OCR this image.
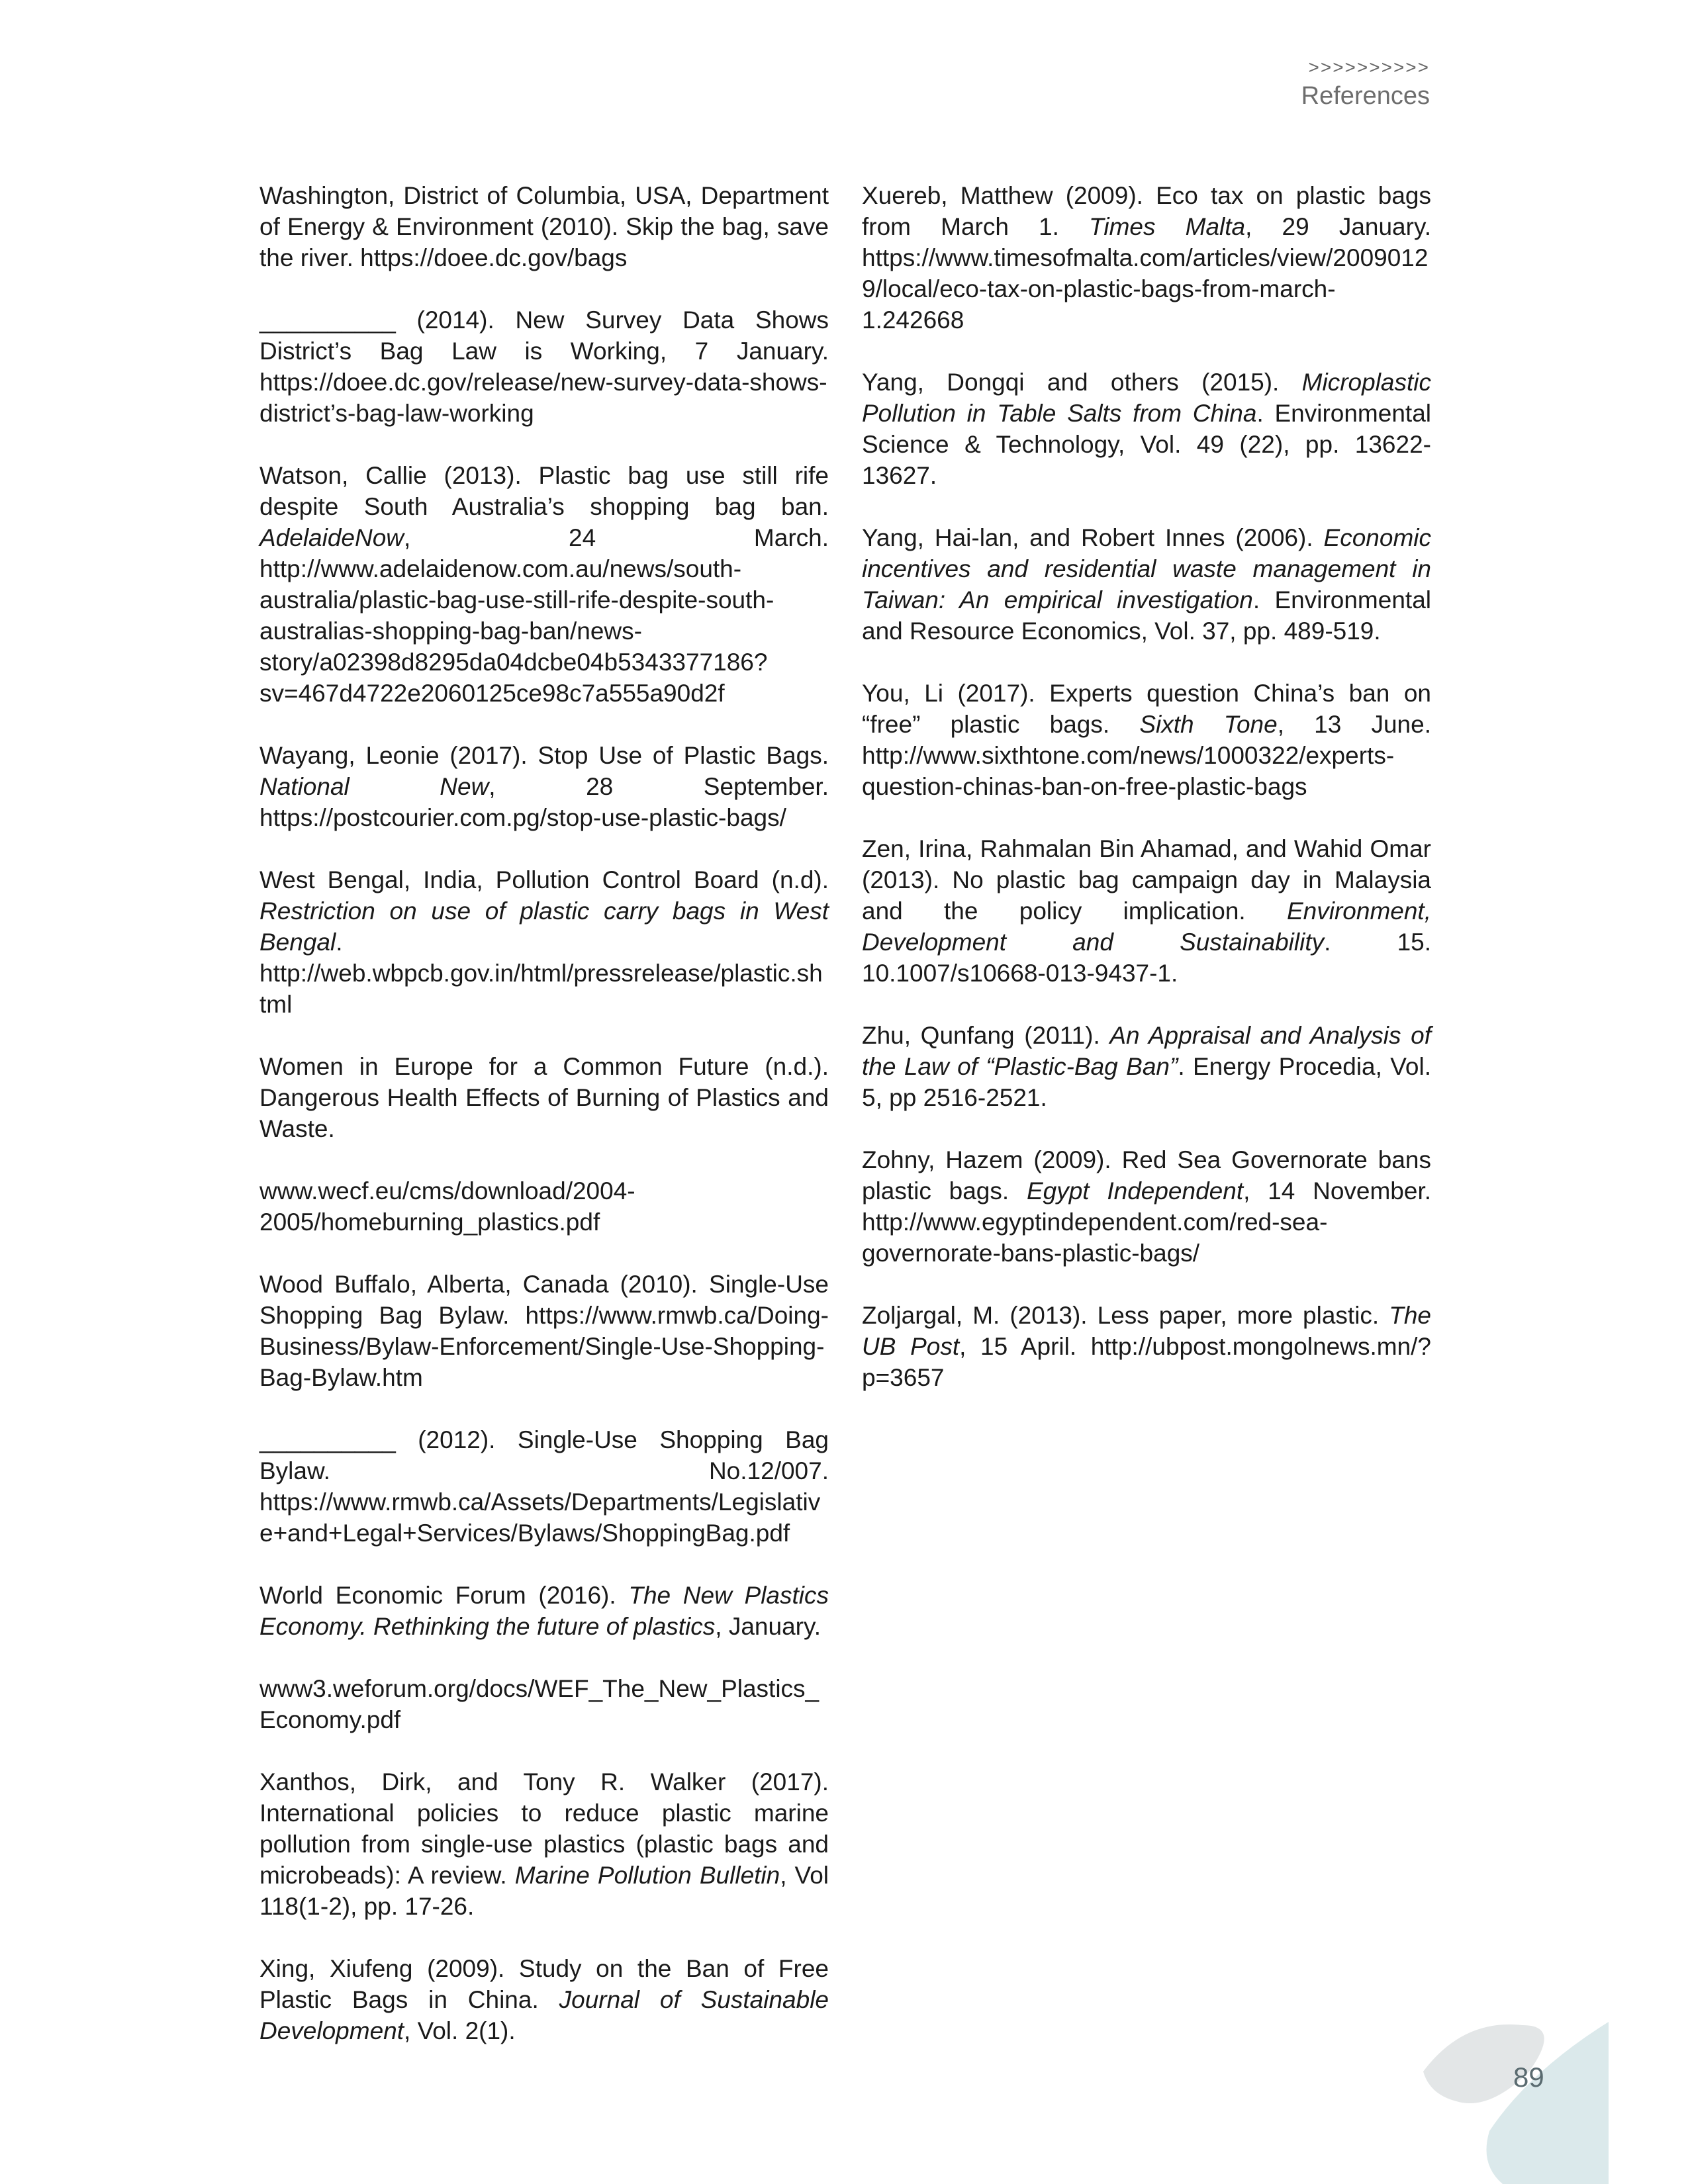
>>>>>>>>>>
References

Washington, District of Columbia, USA, Department of Energy & Environment (2010). Skip the bag, save the river. https://doee.dc.gov/bags

__________ (2014). New Survey Data Shows District’s Bag Law is Working, 7 January. https://doee.dc.gov/release/new-survey-data-shows-district’s-bag-law-working

Watson, Callie (2013). Plastic bag use still rife despite South Australia’s shopping bag ban. AdelaideNow, 24 March. http://www.adelaidenow.com.au/news/south-australia/plastic-bag-use-still-rife-despite-south-australias-shopping-bag-ban/news-story/a02398d8295da04dcbe04b5343377186?sv=467d4722e2060125ce98c7a555a90d2f

Wayang, Leonie (2017). Stop Use of Plastic Bags. National New, 28 September. https://postcourier.com.pg/stop-use-plastic-bags/

West Bengal, India, Pollution Control Board (n.d). Restriction on use of plastic carry bags in West Bengal. http://web.wbpcb.gov.in/html/pressrelease/plastic.shtml

Women in Europe for a Common Future (n.d.). Dangerous Health Effects of Burning of Plastics and Waste.

www.wecf.eu/cms/download/2004-2005/homeburning_plastics.pdf

Wood Buffalo, Alberta, Canada (2010). Single-Use Shopping Bag Bylaw. https://www.rmwb.ca/Doing-Business/Bylaw-Enforcement/Single-Use-Shopping-Bag-Bylaw.htm

__________ (2012). Single-Use Shopping Bag Bylaw. No.12/007. https://www.rmwb.ca/Assets/Departments/Legislative+and+Legal+Services/Bylaws/ShoppingBag.pdf

World Economic Forum (2016). The New Plastics Economy. Rethinking the future of plastics, January.

www3.weforum.org/docs/WEF_The_New_Plastics_Economy.pdf

Xanthos, Dirk, and Tony R. Walker (2017). International policies to reduce plastic marine pollution from single-use plastics (plastic bags and microbeads): A review. Marine Pollution Bulletin, Vol 118(1-2), pp. 17-26.

Xing, Xiufeng (2009). Study on the Ban of Free Plastic Bags in China. Journal of Sustainable Development, Vol. 2(1).

Xuereb, Matthew (2009). Eco tax on plastic bags from March 1. Times Malta, 29 January. https://www.timesofmalta.com/articles/view/20090129/local/eco-tax-on-plastic-bags-from-march-1.242668

Yang, Dongqi and others (2015). Microplastic Pollution in Table Salts from China. Environmental Science & Technology, Vol. 49 (22), pp. 13622-13627.

Yang, Hai-lan, and Robert Innes (2006). Economic incentives and residential waste management in Taiwan: An empirical investigation. Environmental and Resource Economics, Vol. 37, pp. 489-519.

You, Li (2017). Experts question China’s ban on “free” plastic bags. Sixth Tone, 13 June. http://www.sixthtone.com/news/1000322/experts-question-chinas-ban-on-free-plastic-bags

Zen, Irina, Rahmalan Bin Ahamad, and Wahid Omar (2013). No plastic bag campaign day in Malaysia and the policy implication. Environment, Development and Sustainability. 15. 10.1007/s10668-013-9437-1.

Zhu, Qunfang (2011). An Appraisal and Analysis of the Law of “Plastic-Bag Ban”. Energy Procedia, Vol. 5, pp 2516-2521.

Zohny, Hazem (2009). Red Sea Governorate bans plastic bags. Egypt Independent, 14 November. http://www.egyptindependent.com/red-sea-governorate-bans-plastic-bags/

Zoljargal, M. (2013). Less paper, more plastic. The UB Post, 15 April. http://ubpost.mongolnews.mn/?p=3657

89
